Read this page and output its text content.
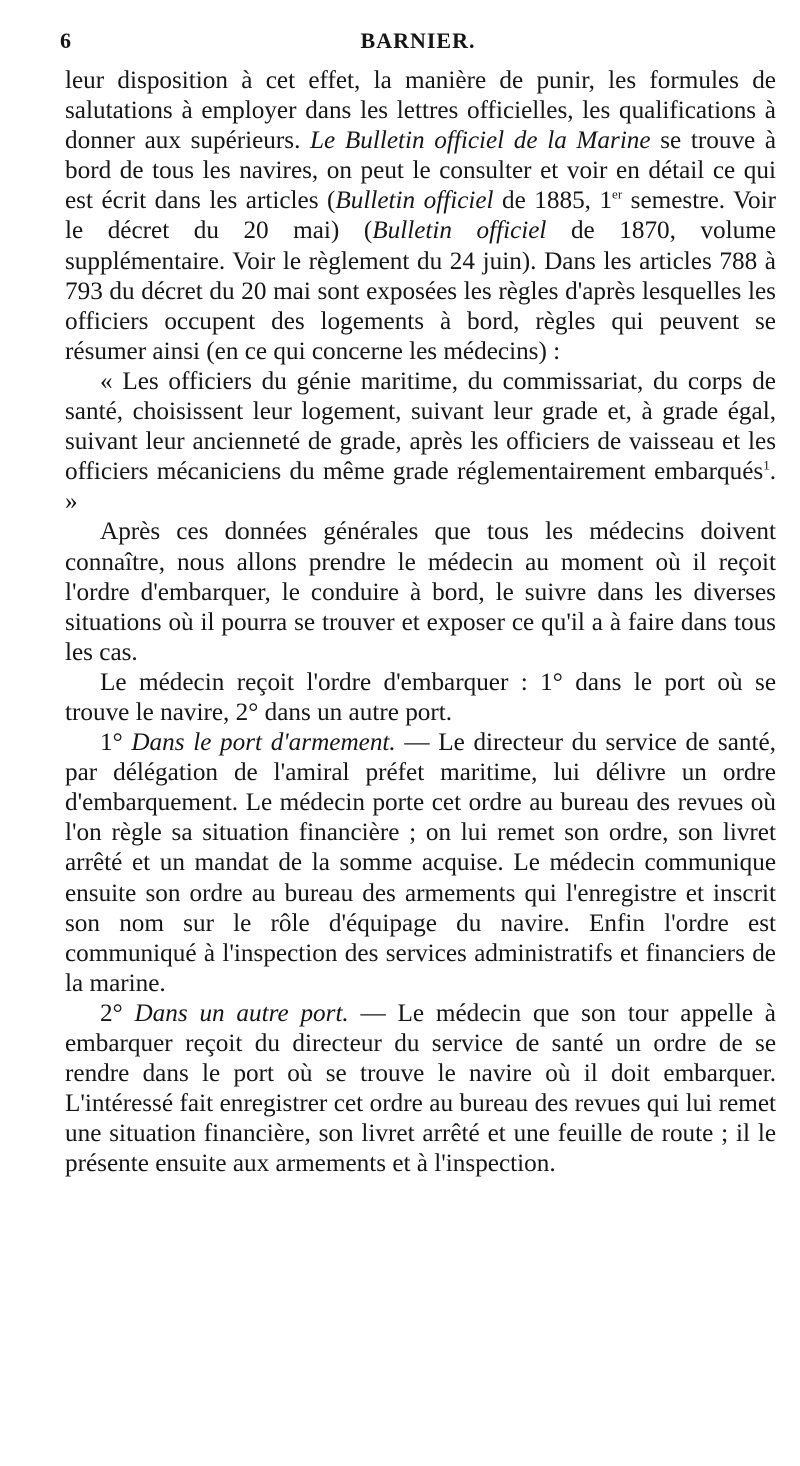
6	BARNIER.

leur disposition à cet effet, la manière de punir, les formules de salutations à employer dans les lettres officielles, les qualifications à donner aux supérieurs. Le Bulletin officiel de la Marine se trouve à bord de tous les navires, on peut le consulter et voir en détail ce qui est écrit dans les articles (Bulletin officiel de 1885, 1er semestre. Voir le décret du 20 mai) (Bulletin officiel de 1870, volume supplémentaire. Voir le règlement du 24 juin). Dans les articles 788 à 793 du décret du 20 mai sont exposées les règles d'après lesquelles les officiers occupent des logements à bord, règles qui peuvent se résumer ainsi (en ce qui concerne les médecins) :

« Les officiers du génie maritime, du commissariat, du corps de santé, choisissent leur logement, suivant leur grade et, à grade égal, suivant leur ancienneté de grade, après les officiers de vaisseau et les officiers mécaniciens du même grade réglementairement embarqués$^1$. »

Après ces données générales que tous les médecins doivent connaître, nous allons prendre le médecin au moment où il reçoit l'ordre d'embarquer, le conduire à bord, le suivre dans les diverses situations où il pourra se trouver et exposer ce qu'il a à faire dans tous les cas.

Le médecin reçoit l'ordre d'embarquer : 1° dans le port où se trouve le navire, 2° dans un autre port.

1° Dans le port d'armement. — Le directeur du service de santé, par délégation de l'amiral préfet maritime, lui délivre un ordre d'embarquement. Le médecin porte cet ordre au bureau des revues où l'on règle sa situation financière ; on lui remet son ordre, son livret arrêté et un mandat de la somme acquise. Le médecin communique ensuite son ordre au bureau des armements qui l'enregistre et inscrit son nom sur le rôle d'équipage du navire. Enfin l'ordre est communiqué à l'inspection des services administratifs et financiers de la marine.

2° Dans un autre port. — Le médecin que son tour appelle à embarquer reçoit du directeur du service de santé un ordre de se rendre dans le port où se trouve le navire où il doit embarquer. L'intéressé fait enregistrer cet ordre au bureau des revues qui lui remet une situation financière, son livret arrêté et une feuille de route ; il le présente ensuite aux armements et à l'inspection.
